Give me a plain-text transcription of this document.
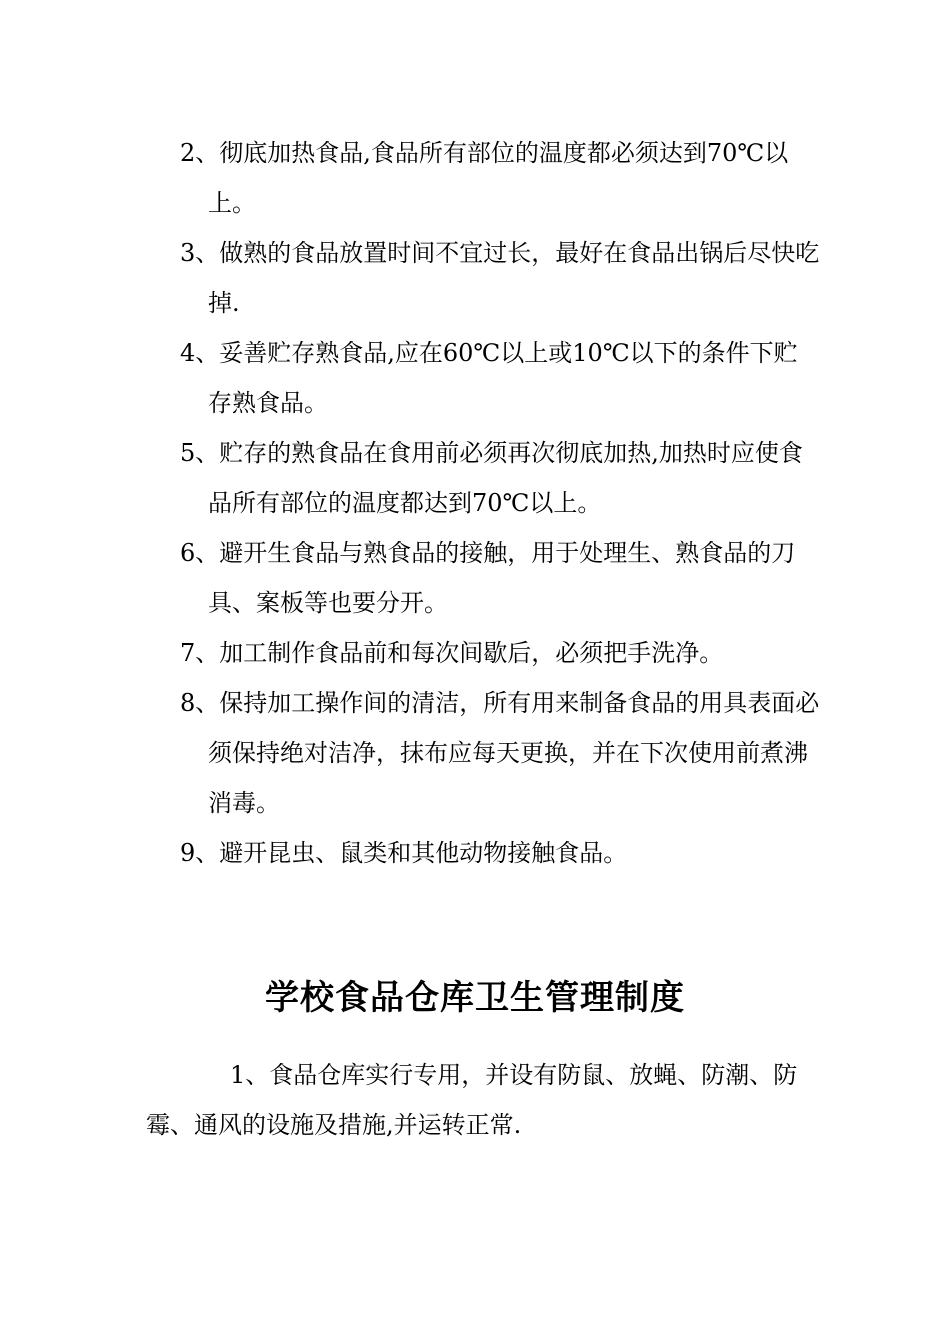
2、彻底加热食品,食品所有部位的温度都必须达到70℃以上。
3、做熟的食品放置时间不宜过长，最好在食品出锅后尽快吃掉.
4、妥善贮存熟食品,应在60℃以上或10℃以下的条件下贮存熟食品。
5、贮存的熟食品在食用前必须再次彻底加热,加热时应使食品所有部位的温度都达到70℃以上。
6、避开生食品与熟食品的接触，用于处理生、熟食品的刀具、案板等也要分开。
7、加工制作食品前和每次间歇后，必须把手洗净。
8、保持加工操作间的清洁，所有用来制备食品的用具表面必须保持绝对洁净，抹布应每天更换，并在下次使用前煮沸消毒。
9、避开昆虫、鼠类和其他动物接触食品。
学校食品仓库卫生管理制度
1、食品仓库实行专用，并设有防鼠、放蝇、防潮、防霉、通风的设施及措施,并运转正常.
